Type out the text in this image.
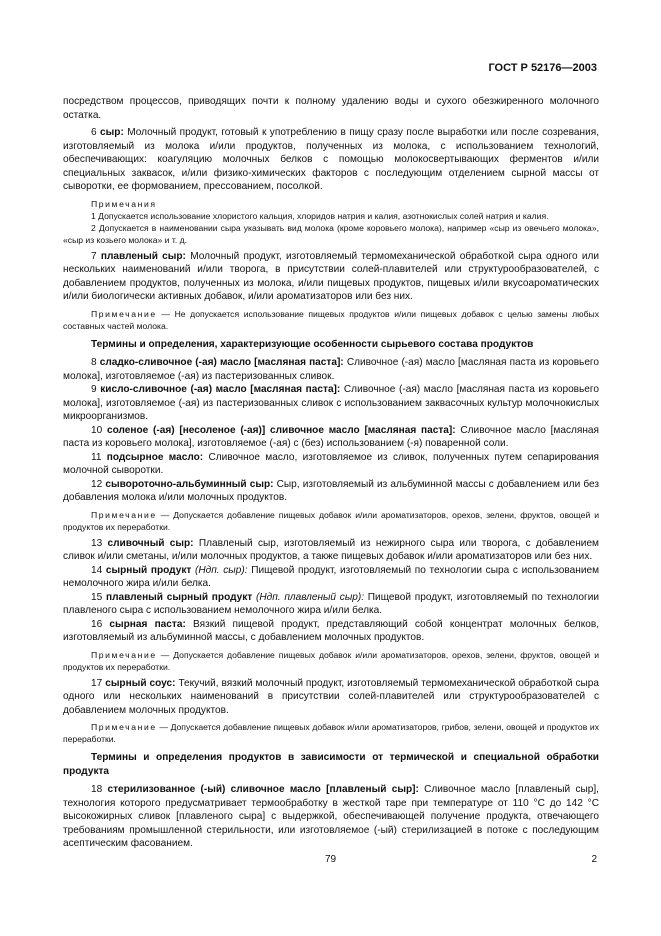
ГОСТ Р 52176—2003

посредством процессов, приводящих почти к полному удалению воды и сухого обезжиренного молочного остатка.

6 сыр: Молочный продукт, готовый к употреблению в пищу сразу после выработки или после созревания, изготовляемый из молока и/или продуктов, полученных из молока, с использованием технологий, обеспечивающих: коагуляцию молочных белков с помощью молокосвертывающих ферментов и/или специальных заквасок, и/или физико-химических факторов с последующим отделением сырной массы от сыворотки, ее формованием, прессованием, посолкой.

Примечания

1 Допускается использование хлористого кальция, хлоридов натрия и калия, азотнокислых солей натрия и калия.

2 Допускается в наименовании сыра указывать вид молока (кроме коровьего молока), например «сыр из овечьего молока», «сыр из козьего молока» и т. д.

7 плавленый сыр: Молочный продукт, изготовляемый термомеханической обработкой сыра одного или нескольких наименований и/или творога, в присутствии солей-плавителей или структурообразователей, с добавлением продуктов, полученных из молока, и/или пищевых продуктов, пищевых и/или вкусоароматических и/или биологически активных добавок, и/или ароматизаторов или без них.

Примечание — Не допускается использование пищевых продуктов и/или пищевых добавок с целью замены любых составных частей молока.

Термины и определения, характеризующие особенности сырьевого состава продуктов

8 сладко-сливочное (-ая) масло [масляная паста]: Сливочное (-ая) масло [масляная паста из коровьего молока], изготовляемое (-ая) из пастеризованных сливок.

9 кисло-сливочное (-ая) масло [масляная паста]: Сливочное (-ая) масло [масляная паста из коровьего молока], изготовляемое (-ая) из пастеризованных сливок с использованием заквасочных культур молочнокислых микроорганизмов.

10 соленое (-ая) [несоленое (-ая)] сливочное масло [масляная паста]: Сливочное масло [масляная паста из коровьего молока], изготовляемое (-ая) с (без) использованием (-я) поваренной соли.

11 подсырное масло: Сливочное масло, изготовляемое из сливок, полученных путем сепарирования молочной сыворотки.

12 сывороточно-альбуминный сыр: Сыр, изготовляемый из альбуминной массы с добавлением или без добавления молока и/или молочных продуктов.

Примечание — Допускается добавление пищевых добавок и/или ароматизаторов, орехов, зелени, фруктов, овощей и продуктов их переработки.

13 сливочный сыр: Плавленый сыр, изготовляемый из нежирного сыра или творога, с добавлением сливок и/или сметаны, и/или молочных продуктов, а также пищевых добавок и/или ароматизаторов или без них.

14 сырный продукт (Ндп. сыр): Пищевой продукт, изготовляемый по технологии сыра с использованием немолочного жира и/или белка.

15 плавленый сырный продукт (Ндп. плавленый сыр): Пищевой продукт, изготовляемый по технологии плавленого сыра с использованием немолочного жира и/или белка.

16 сырная паста: Вязкий пищевой продукт, представляющий собой концентрат молочных белков, изготовляемый из альбуминной массы, с добавлением молочных продуктов.

Примечание — Допускается добавление пищевых добавок и/или ароматизаторов, орехов, зелени, фруктов, овощей и продуктов их переработки.

17 сырный соус: Текучий, вязкий молочный продукт, изготовляемый термомеханической обработкой сыра одного или нескольких наименований в присутствии солей-плавителей или структурообразователей с добавлением молочных продуктов.

Примечание — Допускается добавление пищевых добавок и/или ароматизаторов, грибов, зелени, овощей и продуктов их переработки.

Термины и определения продуктов в зависимости от термической и специальной обработки продукта

18 стерилизованное (-ый) сливочное масло [плавленый сыр]: Сливочное масло [плавленый сыр], технология которого предусматривает термообработку в жесткой таре при температуре от 110 °С до 142 °С высокожирных сливок [плавленого сыра] с выдержкой, обеспечивающей получение продукта, отвечающего требованиям промышленной стерильности, или изготовляемое (-ый) стерилизацией в потоке с последующим асептическим фасованием.

79	2
